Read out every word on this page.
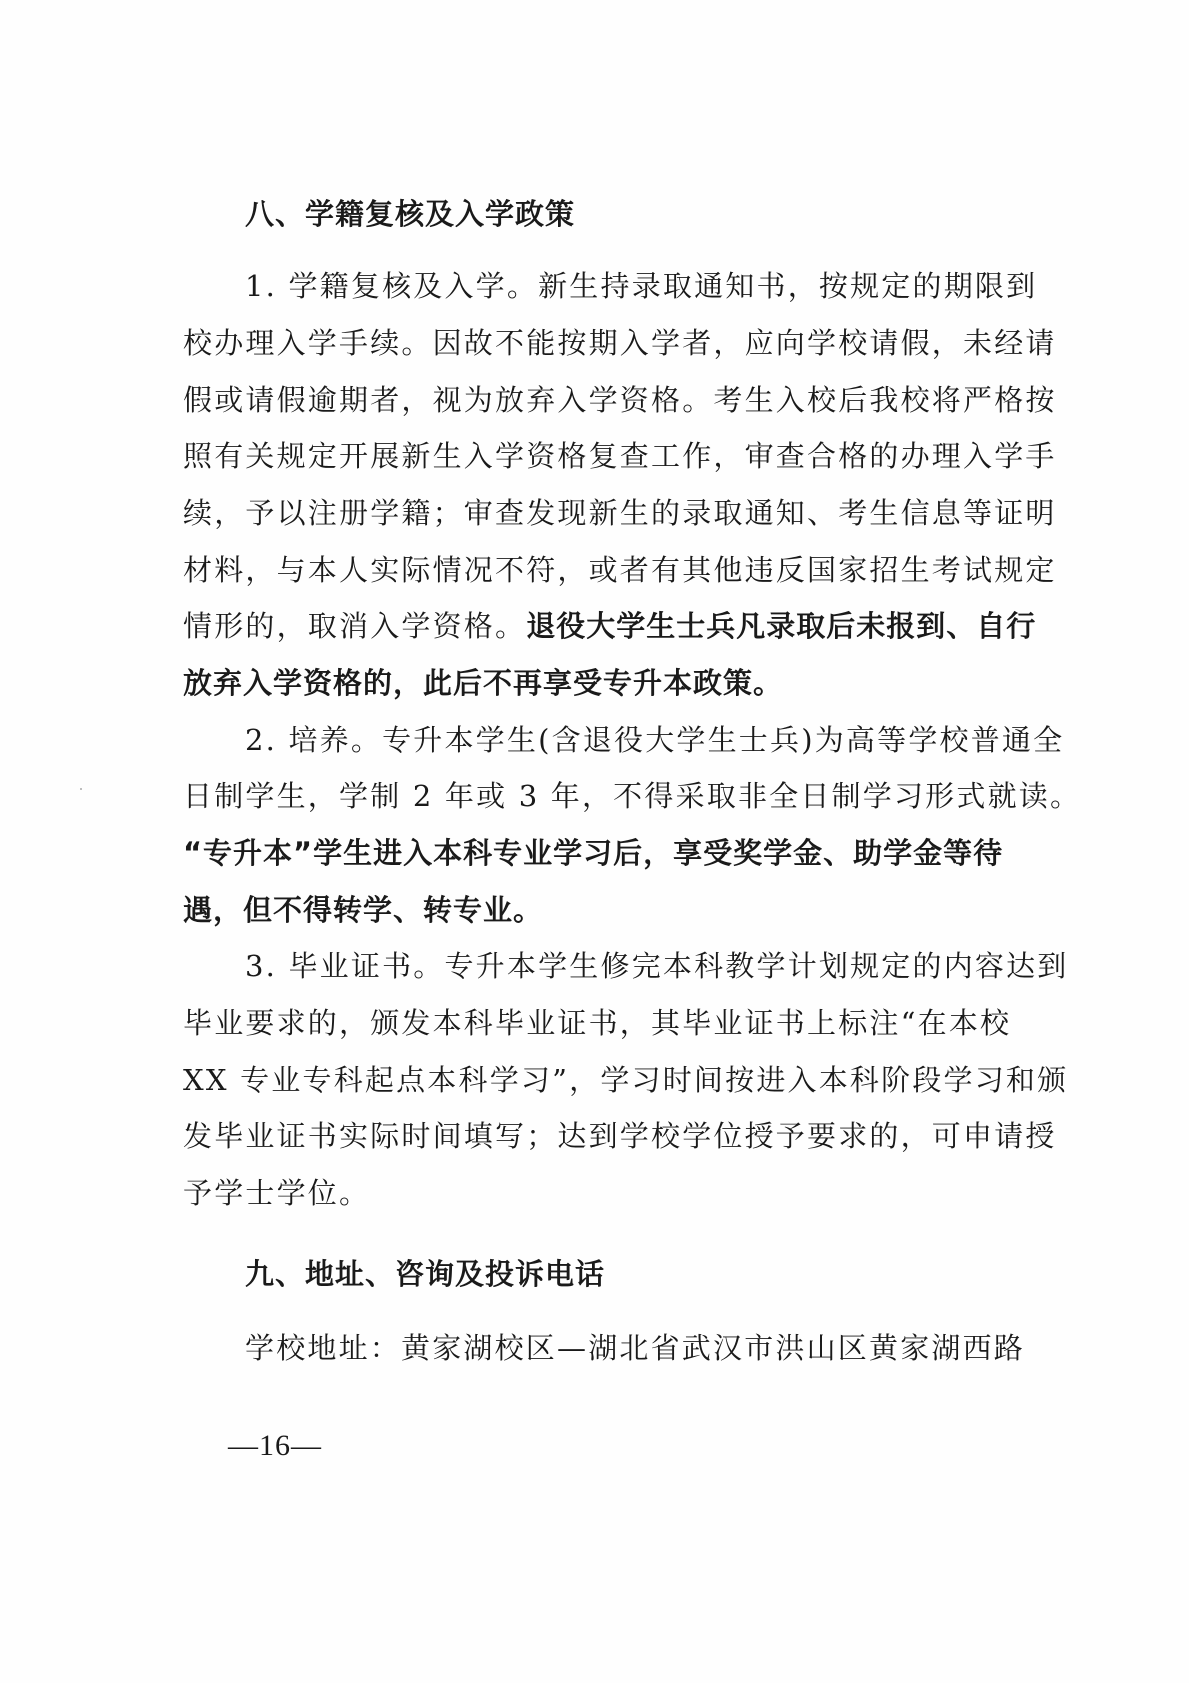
八、学籍复核及入学政策
1. 学籍复核及入学。新生持录取通知书，按规定的期限到
校办理入学手续。因故不能按期入学者，应向学校请假，未经请
假或请假逾期者，视为放弃入学资格。考生入校后我校将严格按
照有关规定开展新生入学资格复查工作，审查合格的办理入学手
续，予以注册学籍；审查发现新生的录取通知、考生信息等证明
材料，与本人实际情况不符，或者有其他违反国家招生考试规定
情形的，取消入学资格。退役大学生士兵凡录取后未报到、自行
放弃入学资格的，此后不再享受专升本政策。
2. 培养。专升本学生(含退役大学生士兵)为高等学校普通全
日制学生，学制 2 年或 3 年，不得采取非全日制学习形式就读。
“专升本”学生进入本科专业学习后，享受奖学金、助学金等待
遇，但不得转学、转专业。
3. 毕业证书。专升本学生修完本科教学计划规定的内容达到
毕业要求的，颁发本科毕业证书，其毕业证书上标注“在本校
XX 专业专科起点本科学习”，学习时间按进入本科阶段学习和颁
发毕业证书实际时间填写；达到学校学位授予要求的，可申请授
予学士学位。
九、地址、咨询及投诉电话
学校地址：黄家湖校区—湖北省武汉市洪山区黄家湖西路
—16—
